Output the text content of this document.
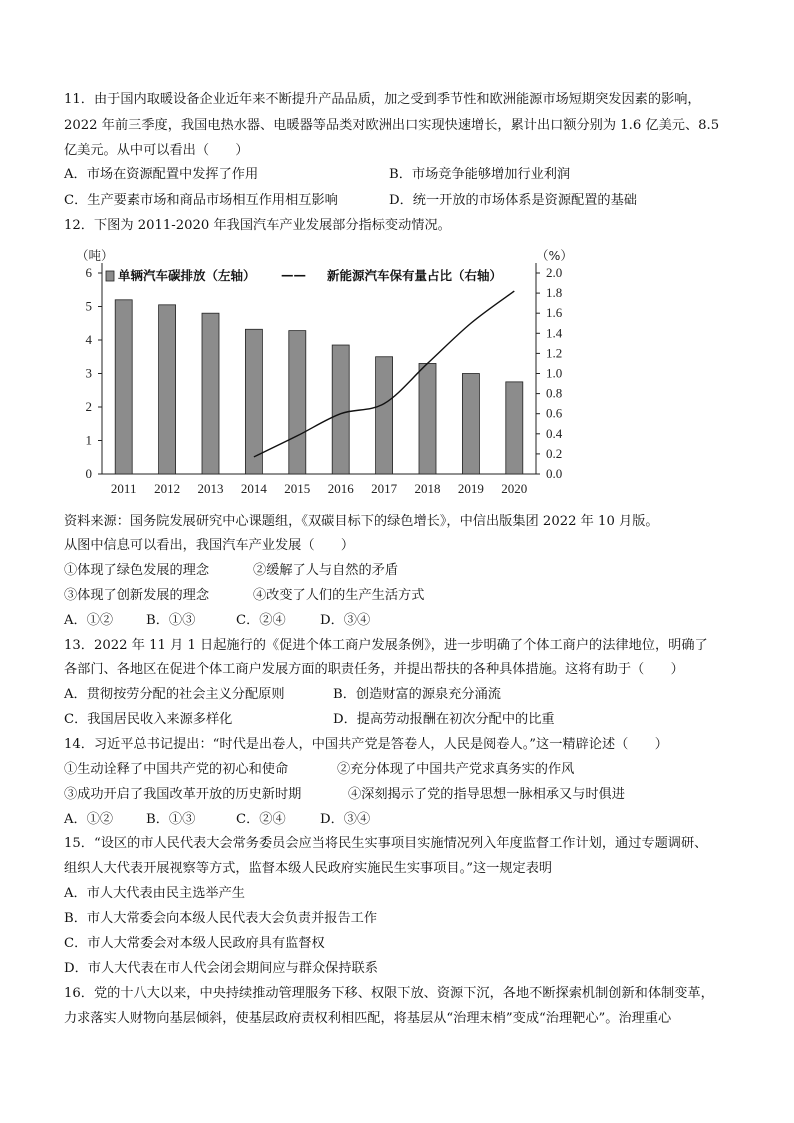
11．由于国内取暖设备企业近年来不断提升产品品质，加之受到季节性和欧洲能源市场短期突发因素的影响，
2022 年前三季度，我国电热水器、电暖器等品类对欧洲出口实现快速增长，累计出口额分别为 1.6 亿美元、8.5
亿美元。从中可以看出（　　）
A．市场在资源配置中发挥了作用	B．市场竞争能够增加行业利润
C．生产要素市场和商品市场相互作用相互影响	D．统一开放的市场体系是资源配置的基础
12．下图为 2011-2020 年我国汽车产业发展部分指标变动情况。
0
1
2
3
4
5
6
0.0
0.2
0.4
0.6
0.8
1.0
1.2
1.4
1.6
1.8
2.0
2011 2012 2013 2014 2015 2016 2017 2018 2019 2020
（吨）	（%）
单辆汽车碳排放（左轴） —— 新能源汽车保有量占比（右轴）
资料来源：国务院发展研究中心课题组，《双碳目标下的绿色增长》，中信出版集团 2022 年 10 月版。
从图中信息可以看出，我国汽车产业发展（　　）
①体现了绿色发展的理念	②缓解了人与自然的矛盾
③体现了创新发展的理念	④改变了人们的生产生活方式
A．①② B．①③	C．②④	D．③④
13．2022 年 11 月 1 日起施行的《促进个体工商户发展条例》，进一步明确了个体工商户的法律地位，明确了
各部门、各地区在促进个体工商户发展方面的职责任务，并提出帮扶的各种具体措施。这将有助于（　　）
A．贯彻按劳分配的社会主义分配原则	B．创造财富的源泉充分涌流
C．我国居民收入来源多样化	D．提高劳动报酬在初次分配中的比重
14．习近平总书记提出：“时代是出卷人，中国共产党是答卷人，人民是阅卷人。”这一精辟论述（　　）
①生动诠释了中国共产党的初心和使命	②充分体现了中国共产党求真务实的作风
③成功开启了我国改革开放的历史新时期	④深刻揭示了党的指导思想一脉相承又与时俱进
A．①② B．①③	C．②④	D．③④
15．“设区的市人民代表大会常务委员会应当将民生实事项目实施情况列入年度监督工作计划，通过专题调研、
组织人大代表开展视察等方式，监督本级人民政府实施民生实事项目。”这一规定表明
A．市人大代表由民主选举产生
B．市人大常委会向本级人民代表大会负责并报告工作
C．市人大常委会对本级人民政府具有监督权
D．市人大代表在市人代会闭会期间应与群众保持联系
16．党的十八大以来，中央持续推动管理服务下移、权限下放、资源下沉，各地不断探索机制创新和体制变革，
力求落实人财物向基层倾斜，使基层政府责权利相匹配，将基层从“治理末梢”变成“治理靶心”。治理重心
